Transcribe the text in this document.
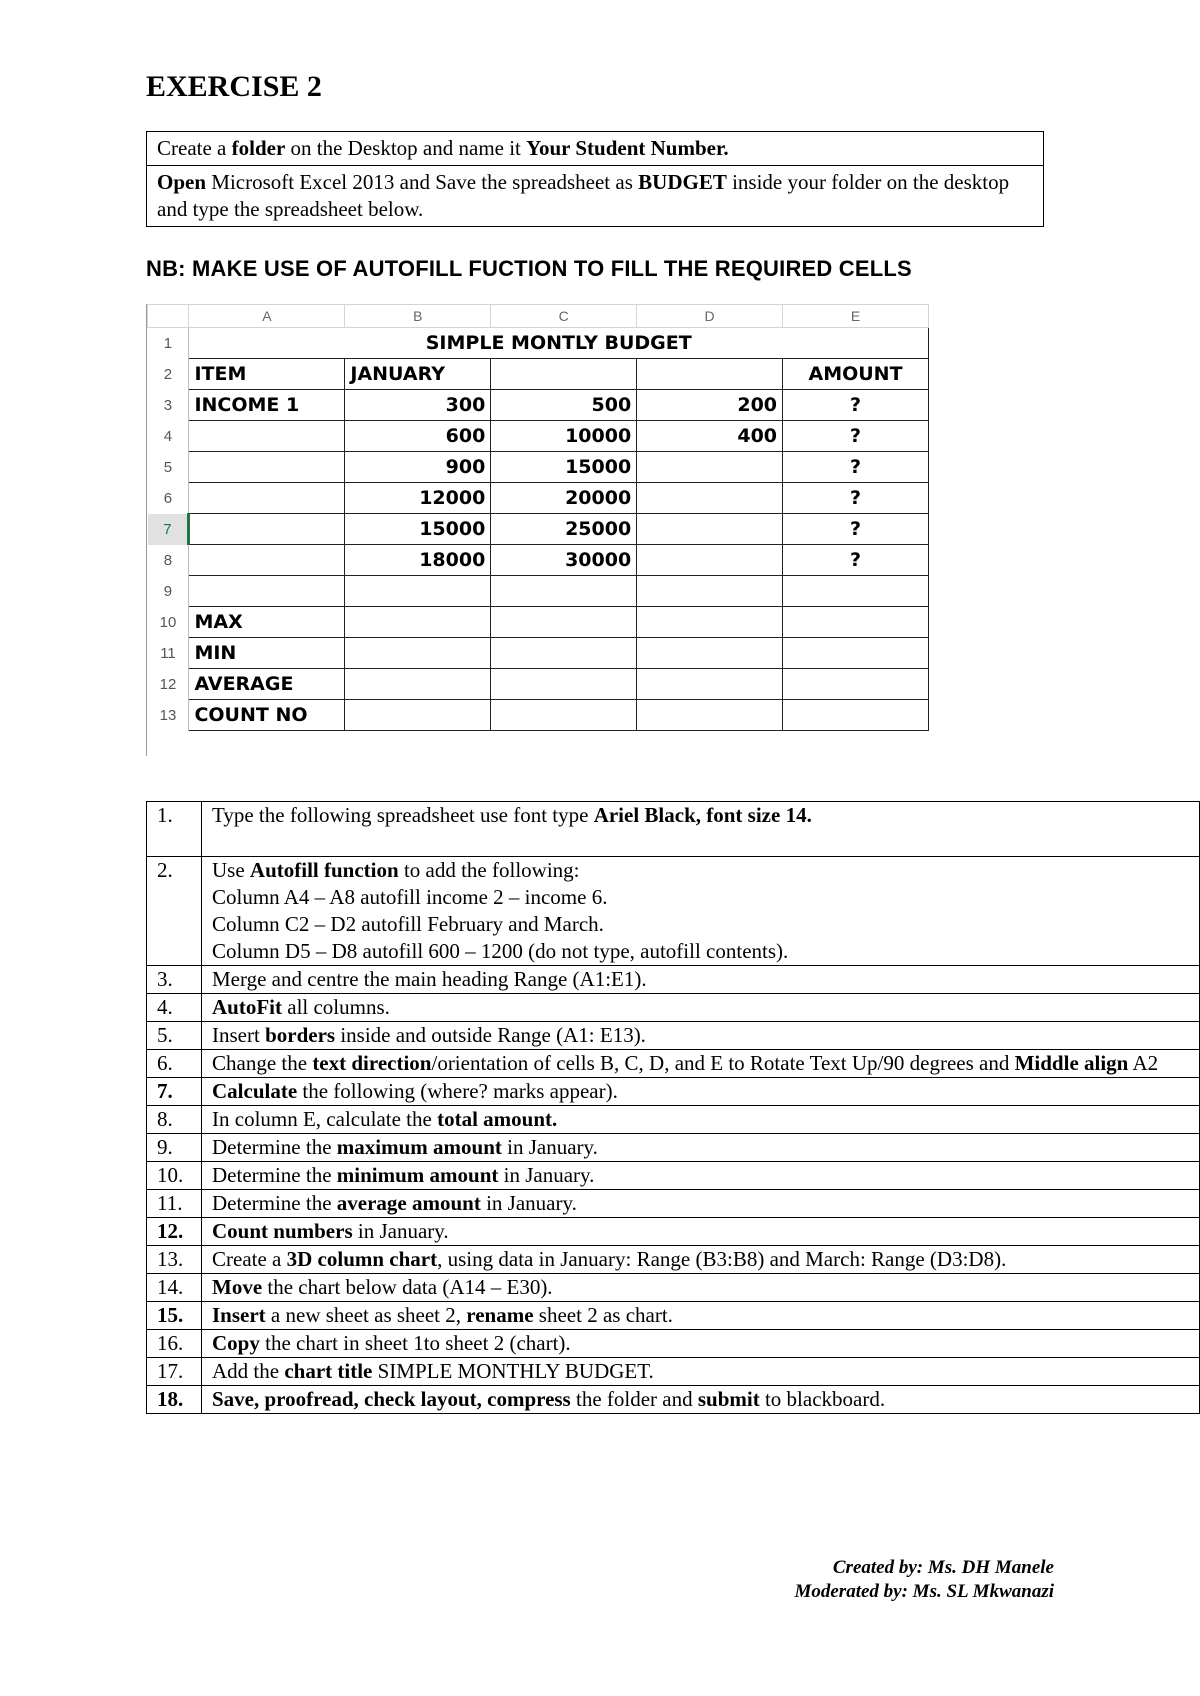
EXERCISE 2
Create a folder on the Desktop and name it Your Student Number.
Open Microsoft Excel 2013 and Save the spreadsheet as BUDGET inside your folder on the desktop and type the spreadsheet below.
NB: MAKE USE OF AUTOFILL FUCTION TO FILL THE REQUIRED CELLS
	A	B	C	D	E
1	SIMPLE MONTLY BUDGET				
2	ITEM	JANUARY			AMOUNT
3	INCOME 1	300	500	200	?
4		600	10000	400	?
5		900	15000		?
6		12000	20000		?
7		15000	25000		?
8		18000	30000		?
9					
10	MAX				
11	MIN				
12	AVERAGE				
13	COUNT NO				
1.	Type the following spreadsheet use font type Ariel Black, font size 14.

2.	Use Autofill function to add the following:
Column A4 – A8 autofill income 2 – income 6.
Column C2 – D2 autofill February and March.
Column D5 – D8 autofill 600 – 1200 (do not type, autofill contents).

3.	Merge and centre the main heading Range (A1:E1).

4.	AutoFit all columns.

5.	Insert borders inside and outside Range (A1: E13).

6.	Change the text direction/orientation of cells B, C, D, and E to Rotate Text Up/90 degrees and Middle align A2

7.	Calculate the following (where? marks appear).

8.	In column E, calculate the total amount.

9.	Determine the maximum amount in January.

10.	Determine the minimum amount in January.

11.	Determine the average amount in January.

12.	Count numbers in January.

13.	Create a 3D column chart, using data in January: Range (B3:B8) and March: Range (D3:D8).

14.	Move the chart below data (A14 – E30).

15.	Insert a new sheet as sheet 2, rename sheet 2 as chart.

16.	Copy the chart in sheet 1to sheet 2 (chart).

17.	Add the chart title SIMPLE MONTHLY BUDGET.

18.	Save, proofread, check layout, compress the folder and submit to blackboard.
Created by: Ms. DH Manele
Moderated by: Ms. SL Mkwanazi
